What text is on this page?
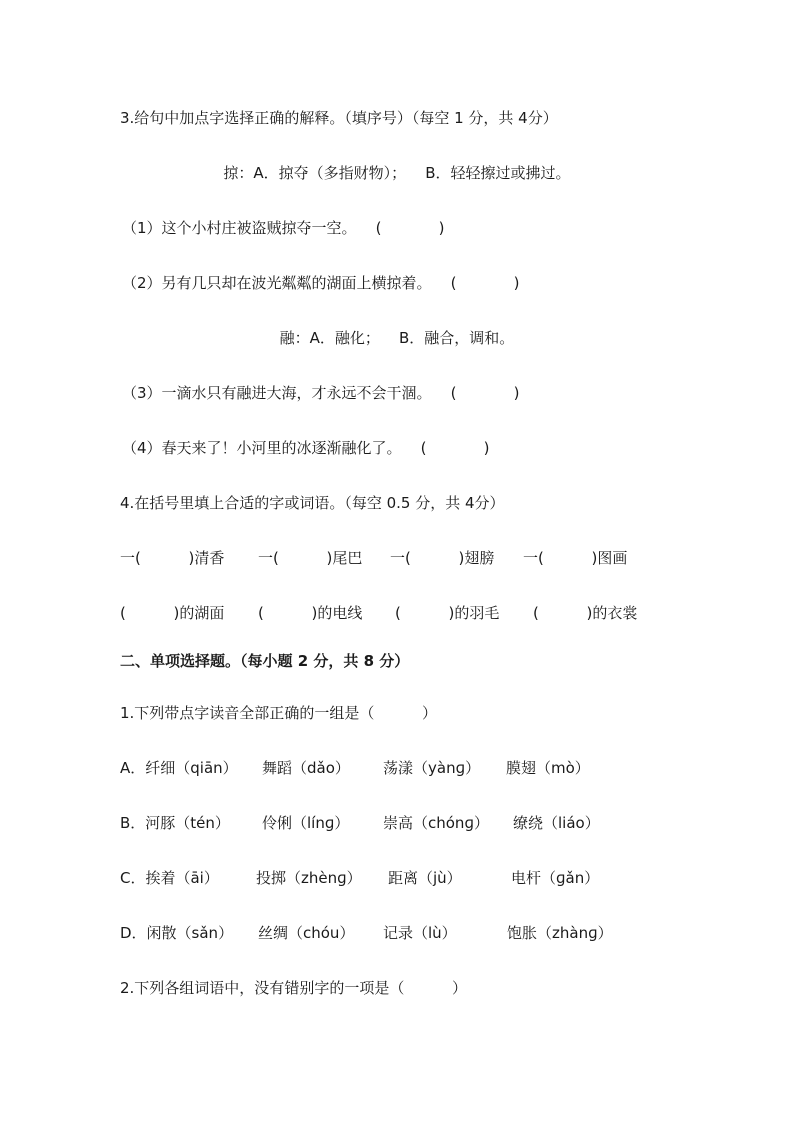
3.给句中加点字选择正确的解释。（填序号）（每空 1 分，共 4分）
掠：A．掠夺（多指财物）；    B．轻轻擦过或拂过。
（1）这个小村庄被盗贼掠夺一空。    (            )
（2）另有几只却在波光粼粼的湖面上横掠着。    (            )
融：A．融化；    B．融合，调和。
（3）一滴水只有融进大海，才永远不会干涸。    (            )
（4）春天来了！小河里的冰逐渐融化了。    (            )
4.在括号里填上合适的字或词语。（每空 0.5 分，共 4分）
一(          )清香 一(          )尾巴 一(          )翅膀 一(          )图画
(          )的湖面 (          )的电线 (          )的羽毛 (          )的衣裳
二、单项选择题。（每小题 2 分，共 8 分）
1.下列带点字读音全部正确的一组是（          ）
A．纤细（qiān） 舞蹈（dǎo） 荡漾（yànɡ） 膜翅（mò）
B．河豚（tén） 伶俐（línɡ） 崇高（chónɡ） 缭绕（liáo）
C．挨着（āi） 投掷（zhènɡ） 距离（jù）	电杆（ɡǎn）
D．闲散（sǎn） 丝绸（chóu） 记录（lù）	饱胀（zhànɡ）
2.下列各组词语中，没有错别字的一项是（          ）
